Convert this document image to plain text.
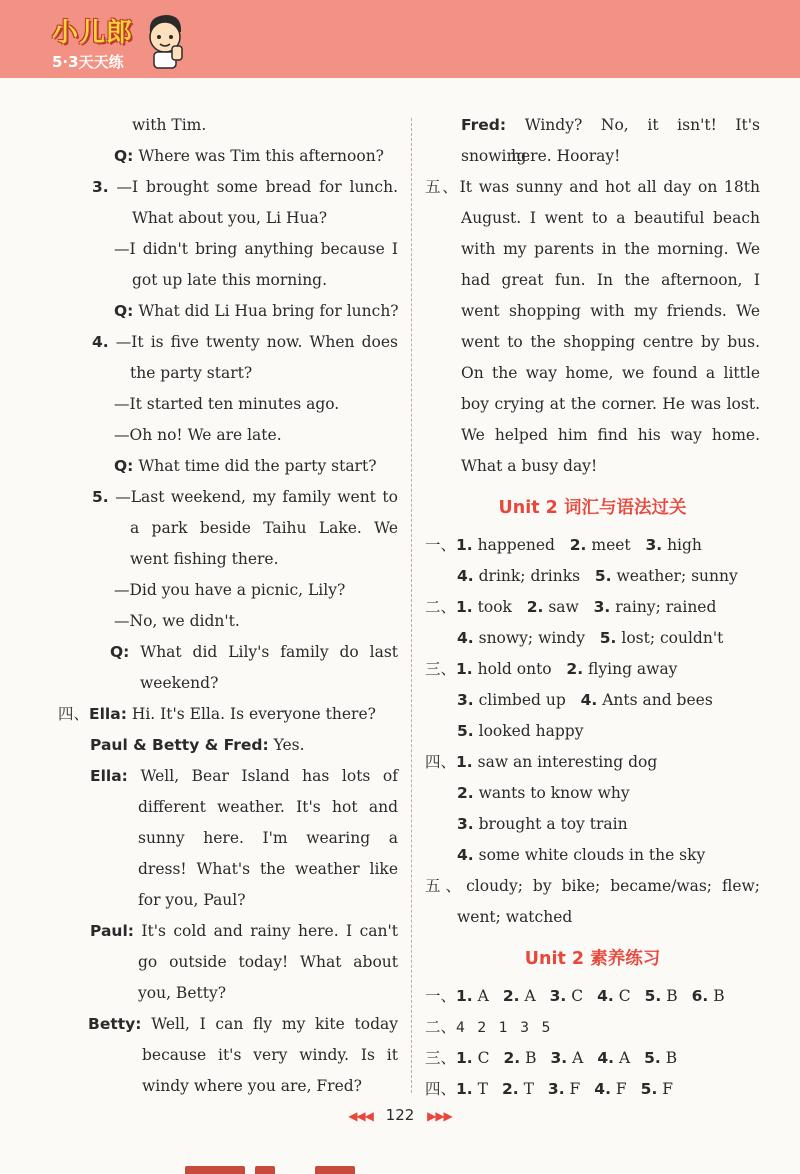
小儿郎
5·3天天练
with Tim.
Q: Where was Tim this afternoon?
3. —I brought some bread for lunch.
What about you, Li Hua?
—I didn't bring anything because I
got up late this morning.
Q: What did Li Hua bring for lunch?
4. —It is five twenty now. When does
the party start?
—It started ten minutes ago.
—Oh no! We are late.
Q: What time did the party start?
5. —Last weekend, my family went to
a park beside Taihu Lake. We
went fishing there.
—Did you have a picnic, Lily?
—No, we didn't.
Q: What did Lily's family do last
weekend?
四、Ella: Hi. It's Ella. Is everyone there?
Paul & Betty & Fred: Yes.
Ella: Well, Bear Island has lots of
different weather. It's hot and
sunny here. I'm wearing a
dress! What's the weather like
for you, Paul?
Paul: It's cold and rainy here. I can't
go outside today! What about
you, Betty?
Betty: Well, I can fly my kite today
because it's very windy. Is it
windy where you are, Fred?
Fred: Windy? No, it isn't! It's snowing
here. Hooray!
五、It was sunny and hot all day on 18th
August. I went to a beautiful beach
with my parents in the morning. We
had great fun. In the afternoon, I
went shopping with my friends. We
went to the shopping centre by bus.
On the way home, we found a little
boy crying at the corner. He was lost.
We helped him find his way home.
What a busy day!
Unit 2 词汇与语法过关
一、1. happened 2. meet 3. high
4. drink; drinks 5. weather; sunny
二、1. took 2. saw 3. rainy; rained
4. snowy; windy 5. lost; couldn't
三、1. hold onto 2. flying away
3. climbed up 4. Ants and bees
5. looked happy
四、1. saw an interesting dog
2. wants to know why
3. brought a toy train
4. some white clouds in the sky
五、cloudy; by bike; became/was; flew;
went; watched
Unit 2 素养练习
一、1. A 2. A 3. C 4. C 5. B 6. B
二、4 2 1 3 5
三、1. C 2. B 3. A 4. A 5. B
四、1. T 2. T 3. F 4. F 5. F
◀◀◀ 122 ▶▶▶
